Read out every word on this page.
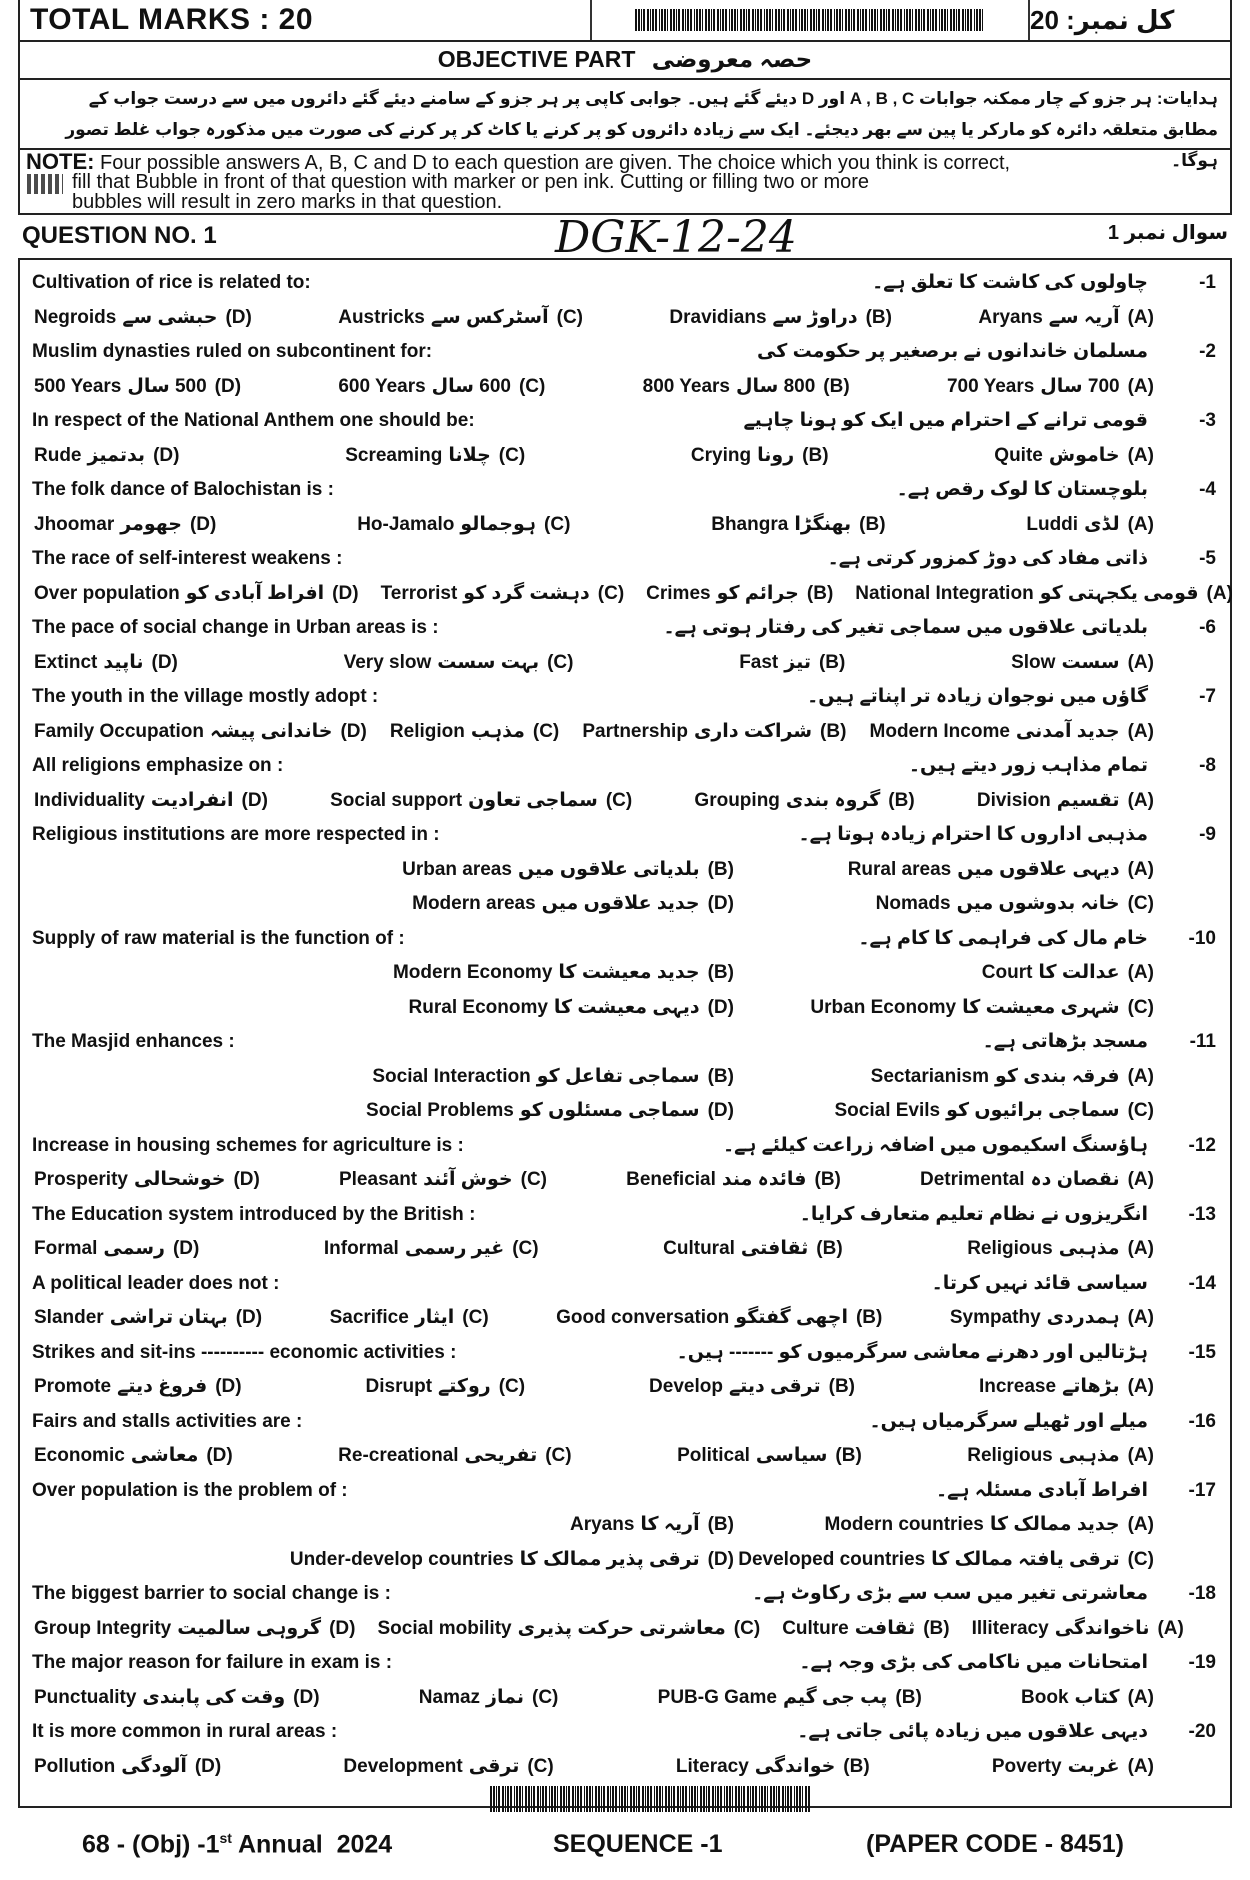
TOTAL MARKS : 20	کل نمبر: 20
OBJECTIVE PART حصہ معروضی
ہدایات: ہر جزو کے چار ممکنہ جوابات A , B , C اور D دیئے گئے ہیں۔ جوابی کاپی پر ہر جزو کے سامنے دیئے گئے دائروں میں سے درست جواب کے مطابق متعلقہ دائرہ کو مارکر یا پین سے بھر دیجئے۔ ایک سے زیادہ دائروں کو پر کرنے یا کاٹ کر پر کرنے کی صورت میں مذکورہ جواب غلط تصور ہوگا۔
NOTE: Four possible answers A, B, C and D to each question are given. The choice which you think is correct,
fill that Bubble in front of that question with marker or pen ink. Cutting or filling two or more
bubbles will result in zero marks in that question.
QUESTION NO. 1	DGK-12-24	سوال نمبر 1
Cultivation of rice is related to:	چاولوں کی کاشت کا تعلق ہے۔	-1
Negroids حبشی سے (D)	Austricks آسٹرکس سے (C)	Dravidians دراوڑ سے (B)	Aryans آریہ سے (A)
Muslim dynasties ruled on subcontinent for:	مسلمان خاندانوں نے برصغیر پر حکومت کی	-2
500 Years 500 سال (D)	600 Years 600 سال (C)	800 Years 800 سال (B)	700 Years 700 سال (A)
In respect of the National Anthem one should be:	قومی ترانے کے احترام میں ایک کو ہونا چاہیے	-3
Rude بدتمیز (D)	Screaming چلانا (C)	Crying رونا (B)	Quite خاموش (A)
The folk dance of Balochistan is :	بلوچستان کا لوک رقص ہے۔	-4
Jhoomar جھومر (D)	Ho-Jamalo ہوجمالو (C)	Bhangra بھنگڑا (B)	Luddi لڈی (A)
The race of self-interest weakens :	ذاتی مفاد کی دوڑ کمزور کرتی ہے۔	-5
Over population افراط آبادی کو (D) Terrorist دہشت گرد کو (C) Crimes جرائم کو (B) National Integration قومی یکجہتی کو (A)
The pace of social change in Urban areas is :	بلدیاتی علاقوں میں سماجی تغیر کی رفتار ہوتی ہے۔	-6
Extinct ناپید (D)	Very slow بہت سست (C)	Fast تیز (B)	Slow سست (A)
The youth in the village mostly adopt :	گاؤں میں نوجوان زیادہ تر اپناتے ہیں۔	-7
Family Occupation خاندانی پیشہ (D) Religion مذہب (C) Partnership شراکت داری (B) Modern Income جدید آمدنی (A)
All religions emphasize on :	تمام مذاہب زور دیتے ہیں۔	-8
Individuality انفرادیت (D)	Social support سماجی تعاون (C)	Grouping گروہ بندی (B)	Division تقسیم (A)
Religious institutions are more respected in :	مذہبی اداروں کا احترام زیادہ ہوتا ہے۔	-9
Urban areas بلدیاتی علاقوں میں (B)	Rural areas دیہی علاقوں میں (A)
Modern areas جدید علاقوں میں (D)	Nomads خانہ بدوشوں میں (C)
Supply of raw material is the function of :	خام مال کی فراہمی کا کام ہے۔	-10
Modern Economy جدید معیشت کا (B)	Court عدالت کا (A)
Rural Economy دیہی معیشت کا (D)	Urban Economy شہری معیشت کا (C)
The Masjid enhances :	مسجد بڑھاتی ہے۔	-11
Social Interaction سماجی تفاعل کو (B)	Sectarianism فرقہ بندی کو (A)
Social Problems سماجی مسئلوں کو (D)	Social Evils سماجی برائیوں کو (C)
Increase in housing schemes for agriculture is :	ہاؤسنگ اسکیموں میں اضافہ زراعت کیلئے ہے۔	-12
Prosperity خوشحالی (D)	Pleasant خوش آئند (C)	Beneficial فائدہ مند (B)	Detrimental نقصان دہ (A)
The Education system introduced by the British :	انگریزوں نے نظام تعلیم متعارف کرایا۔	-13
Formal رسمی (D)	Informal غیر رسمی (C)	Cultural ثقافتی (B)	Religious مذہبی (A)
A political leader does not :	سیاسی قائد نہیں کرتا۔	-14
Slander بہتان تراشی (D)	Sacrifice ایثار (C)	Good conversation اچھی گفتگو (B)	Sympathy ہمدردی (A)
Strikes and sit-ins ---------- economic activities :	ہڑتالیں اور دھرنے معاشی سرگرمیوں کو ------- ہیں۔	-15
Promote فروغ دیتے (D)	Disrupt روکتے (C)	Develop ترقی دیتے (B)	Increase بڑھاتے (A)
Fairs and stalls activities are :	میلے اور ٹھیلے سرگرمیاں ہیں۔	-16
Economic معاشی (D)	Re-creational تفریحی (C)	Political سیاسی (B)	Religious مذہبی (A)
Over population is the problem of :	افراط آبادی مسئلہ ہے۔	-17
Aryans آریہ کا (B)	Modern countries جدید ممالک کا (A)
Under-develop countries ترقی پذیر ممالک کا (D) Developed countries ترقی یافتہ ممالک کا (C)
The biggest barrier to social change is :	معاشرتی تغیر میں سب سے بڑی رکاوٹ ہے۔	-18
Group Integrity گروہی سالمیت (D) Social mobility معاشرتی حرکت پذیری (C) Culture ثقافت (B) Illiteracy ناخواندگی (A)
The major reason for failure in exam is :	امتحانات میں ناکامی کی بڑی وجہ ہے۔	-19
Punctuality وقت کی پابندی (D)	Namaz نماز (C)	PUB-G Game پب جی گیم (B)	Book کتاب (A)
It is more common in rural areas :	دیہی علاقوں میں زیادہ پائی جاتی ہے۔	-20
Pollution آلودگی (D)	Development ترقی (C)	Literacy خواندگی (B)	Poverty غربت (A)
68 - (Obj) -1st Annual  2024	SEQUENCE -1	(PAPER CODE - 8451)
